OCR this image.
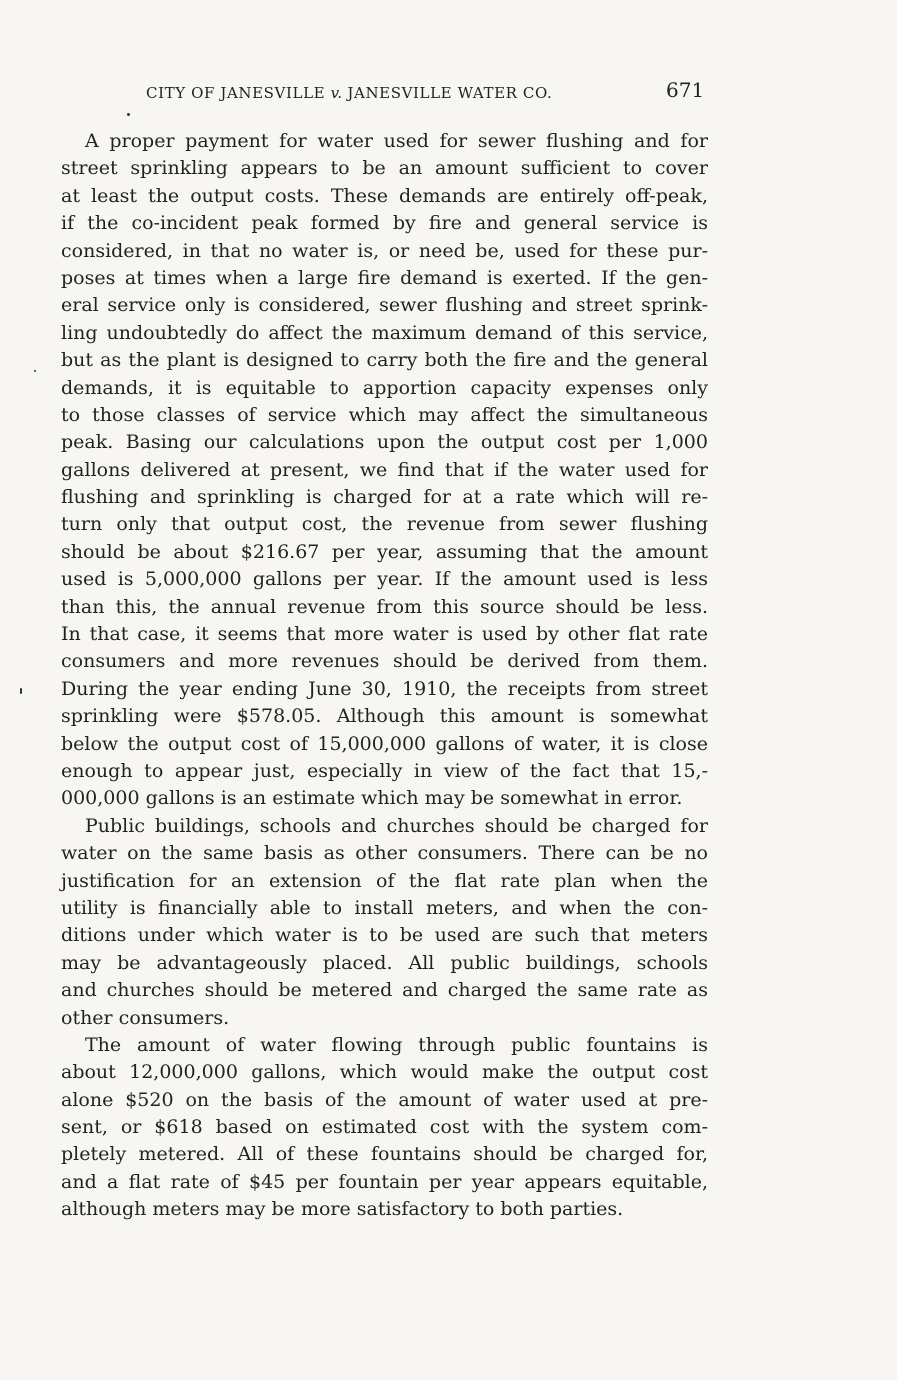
CITY OF JANESVILLE v. JANESVILLE WATER CO.	671
A proper payment for water used for sewer flushing and for
street sprinkling appears to be an amount sufficient to cover
at least the output costs. These demands are entirely off-peak,
if the co-incident peak formed by fire and general service is
considered, in that no water is, or need be, used for these pur-
poses at times when a large fire demand is exerted. If the gen-
eral service only is considered, sewer flushing and street sprink-
ling undoubtedly do affect the maximum demand of this service,
but as the plant is designed to carry both the fire and the general
demands, it is equitable to apportion capacity expenses only
to those classes of service which may affect the simultaneous
peak. Basing our calculations upon the output cost per 1,000
gallons delivered at present, we find that if the water used for
flushing and sprinkling is charged for at a rate which will re-
turn only that output cost, the revenue from sewer flushing
should be about $216.67 per year, assuming that the amount
used is 5,000,000 gallons per year. If the amount used is less
than this, the annual revenue from this source should be less.
In that case, it seems that more water is used by other flat rate
consumers and more revenues should be derived from them.
During the year ending June 30, 1910, the receipts from street
sprinkling were $578.05. Although this amount is somewhat
below the output cost of 15,000,000 gallons of water, it is close
enough to appear just, especially in view of the fact that 15,-
000,000 gallons is an estimate which may be somewhat in error.
Public buildings, schools and churches should be charged for
water on the same basis as other consumers. There can be no
justification for an extension of the flat rate plan when the
utility is financially able to install meters, and when the con-
ditions under which water is to be used are such that meters
may be advantageously placed. All public buildings, schools
and churches should be metered and charged the same rate as
other consumers.
The amount of water flowing through public fountains is
about 12,000,000 gallons, which would make the output cost
alone $520 on the basis of the amount of water used at pre-
sent, or $618 based on estimated cost with the system com-
pletely metered. All of these fountains should be charged for,
and a flat rate of $45 per fountain per year appears equitable,
although meters may be more satisfactory to both parties.
